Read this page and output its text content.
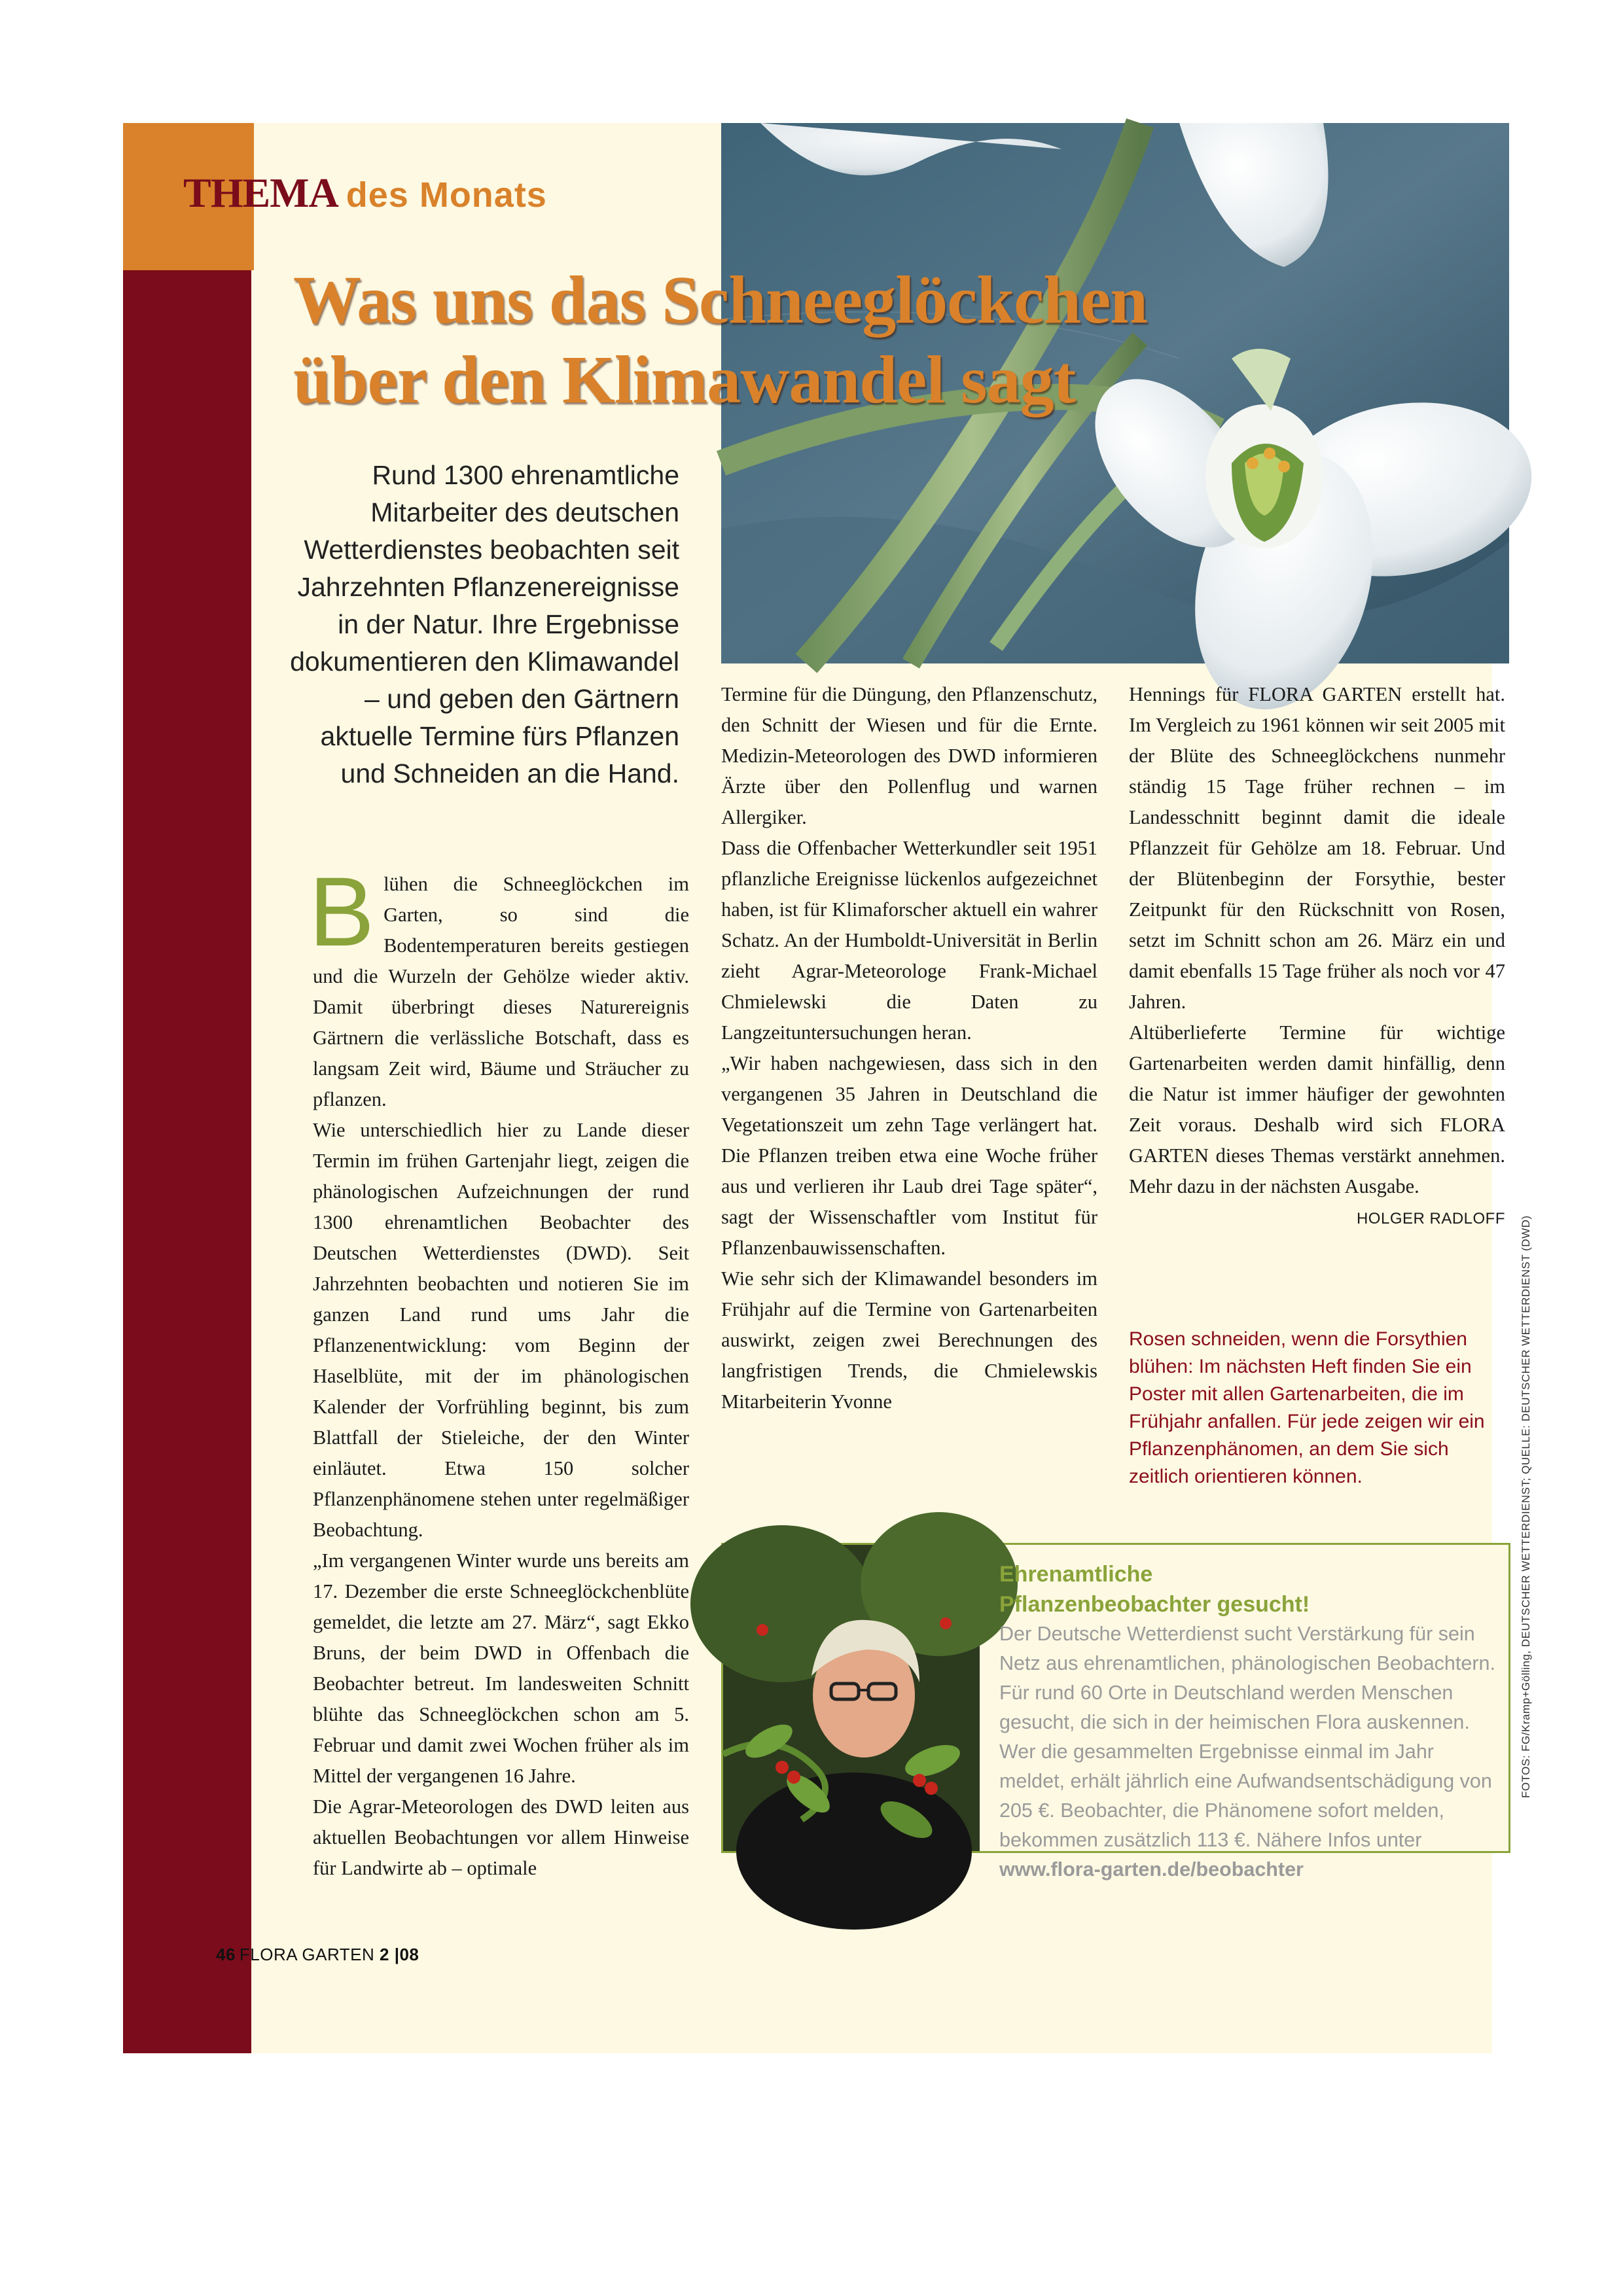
THEMA des Monats
Was uns das Schneeglöckchen
über den Klimawandel sagt
Rund 1300 ehrenamtliche Mitarbeiter des deutschen Wetterdienstes beobachten seit Jahrzehnten Pflanzenereignisse in der Natur. Ihre Ergebnisse dokumentieren den Klimawandel – und geben den Gärtnern aktuelle Termine fürs Pflanzen und Schneiden an die Hand.

Blühen die Schneeglöckchen im Garten, so sind die Bodentemperaturen bereits gestiegen und die Wurzeln der Gehölze wieder aktiv. Damit überbringt dieses Naturereignis Gärtnern die verlässliche Botschaft, dass es langsam Zeit wird, Bäume und Sträucher zu pflanzen.

Wie unterschiedlich hier zu Lande dieser Termin im frühen Gartenjahr liegt, zeigen die phänologischen Aufzeichnungen der rund 1300 ehrenamtlichen Beobachter des Deutschen Wetterdienstes (DWD). Seit Jahrzehnten beobachten und notieren Sie im ganzen Land rund ums Jahr die Pflanzenentwicklung: vom Beginn der Haselblüte, mit der im phänologischen Kalender der Vorfrühling beginnt, bis zum Blattfall der Stieleiche, der den Winter einläutet. Etwa 150 solcher Pflanzenphänomene stehen unter regelmäßiger Beobachtung.

„Im vergangenen Winter wurde uns bereits am 17. Dezember die erste Schneeglöckchenblüte gemeldet, die letzte am 27. März“, sagt Ekko Bruns, der beim DWD in Offenbach die Beobachter betreut. Im landesweiten Schnitt blühte das Schneeglöckchen schon am 5. Februar und damit zwei Wochen früher als im Mittel der vergangenen 16 Jahre.

Die Agrar-Meteorologen des DWD leiten aus aktuellen Beobachtungen vor allem Hinweise für Landwirte ab – optimale

Termine für die Düngung, den Pflanzenschutz, den Schnitt der Wiesen und für die Ernte. Medizin-Meteorologen des DWD informieren Ärzte über den Pollenflug und warnen Allergiker.

Dass die Offenbacher Wetterkundler seit 1951 pflanzliche Ereignisse lückenlos aufgezeichnet haben, ist für Klimaforscher aktuell ein wahrer Schatz. An der Humboldt-Universität in Berlin zieht Agrar-Meteorologe Frank-Michael Chmielewski die Daten zu Langzeituntersuchungen heran.

„Wir haben nachgewiesen, dass sich in den vergangenen 35 Jahren in Deutschland die Vegetationszeit um zehn Tage verlängert hat. Die Pflanzen treiben etwa eine Woche früher aus und verlieren ihr Laub drei Tage später“, sagt der Wissenschaftler vom Institut für Pflanzenbauwissenschaften.

Wie sehr sich der Klimawandel besonders im Frühjahr auf die Termine von Gartenarbeiten auswirkt, zeigen zwei Berechnungen des langfristigen Trends, die Chmielewskis Mitarbeiterin Yvonne

Hennings für FLORA GARTEN erstellt hat. Im Vergleich zu 1961 können wir seit 2005 mit der Blüte des Schneeglöckchens nunmehr ständig 15 Tage früher rechnen – im Landesschnitt beginnt damit die ideale Pflanzzeit für Gehölze am 18. Februar. Und der Blütenbeginn der Forsythie, bester Zeitpunkt für den Rückschnitt von Rosen, setzt im Schnitt schon am 26. März ein und damit ebenfalls 15 Tage früher als noch vor 47 Jahren.

Altüberlieferte Termine für wichtige Gartenarbeiten werden damit hinfällig, denn die Natur ist immer häufiger der gewohnten Zeit voraus. Deshalb wird sich FLORA GARTEN dieses Themas verstärkt annehmen. Mehr dazu in der nächsten Ausgabe.
HOLGER RADLOFF

Rosen schneiden, wenn die Forsythien blühen: Im nächsten Heft finden Sie ein Poster mit allen Gartenarbeiten, die im Frühjahr anfallen. Für jede zeigen wir ein Pflanzenphänomen, an dem Sie sich zeitlich orientieren können.
Ehrenamtliche
Pflanzenbeobachter gesucht!
Der Deutsche Wetterdienst sucht Verstärkung für sein Netz aus ehrenamtlichen, phänologischen Beobachtern. Für rund 60 Orte in Deutschland werden Menschen gesucht, die sich in der heimischen Flora auskennen. Wer die gesammelten Ergebnisse einmal im Jahr meldet, erhält jährlich eine Aufwandsentschädigung von 205 €. Beobachter, die Phänomene sofort melden, bekommen zusätzlich 113 €. Nähere Infos unter
www.flora-garten.de/beobachter
FOTOS: FG/Kramp+Gölling, DEUTSCHER WETTERDIENST; QUELLE: DEUTSCHER WETTERDIENST (DWD)
46 FLORA GARTEN 2 |08
